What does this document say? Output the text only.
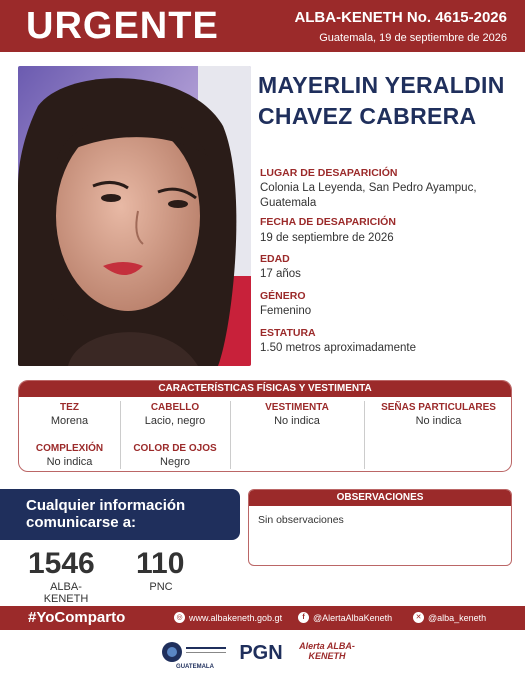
URGENTE	ALBA-KENETH No. 4615-2026
Guatemala, 19 de septiembre de 2026
MAYERLIN YERALDIN
CHAVEZ CABRERA
LUGAR DE DESAPARICIÓN
Colonia La Leyenda, San Pedro Ayampuc, Guatemala
FECHA DE DESAPARICIÓN
19 de septiembre de 2026
EDAD
17 años
GÉNERO
Femenino
ESTATURA
1.50 metros aproximadamente
CARACTERÍSTICAS FÍSICAS Y VESTIMENTA
TEZ
Morena
CABELLO
Lacio, negro
VESTIMENTA
No indica
SEÑAS PARTICULARES
No indica
COMPLEXIÓN
No indica
COLOR DE OJOS
Negro
Cualquier información comunicarse a:
1546
ALBA-KENETH
110
PNC
OBSERVACIONES
Sin observaciones
#YoComparto	◎ www.albakeneth.gob.gt	f @AlertaAlbaKeneth	✕ @alba_keneth
GUATEMALA
PGN	Alerta ALBA-KENETH
